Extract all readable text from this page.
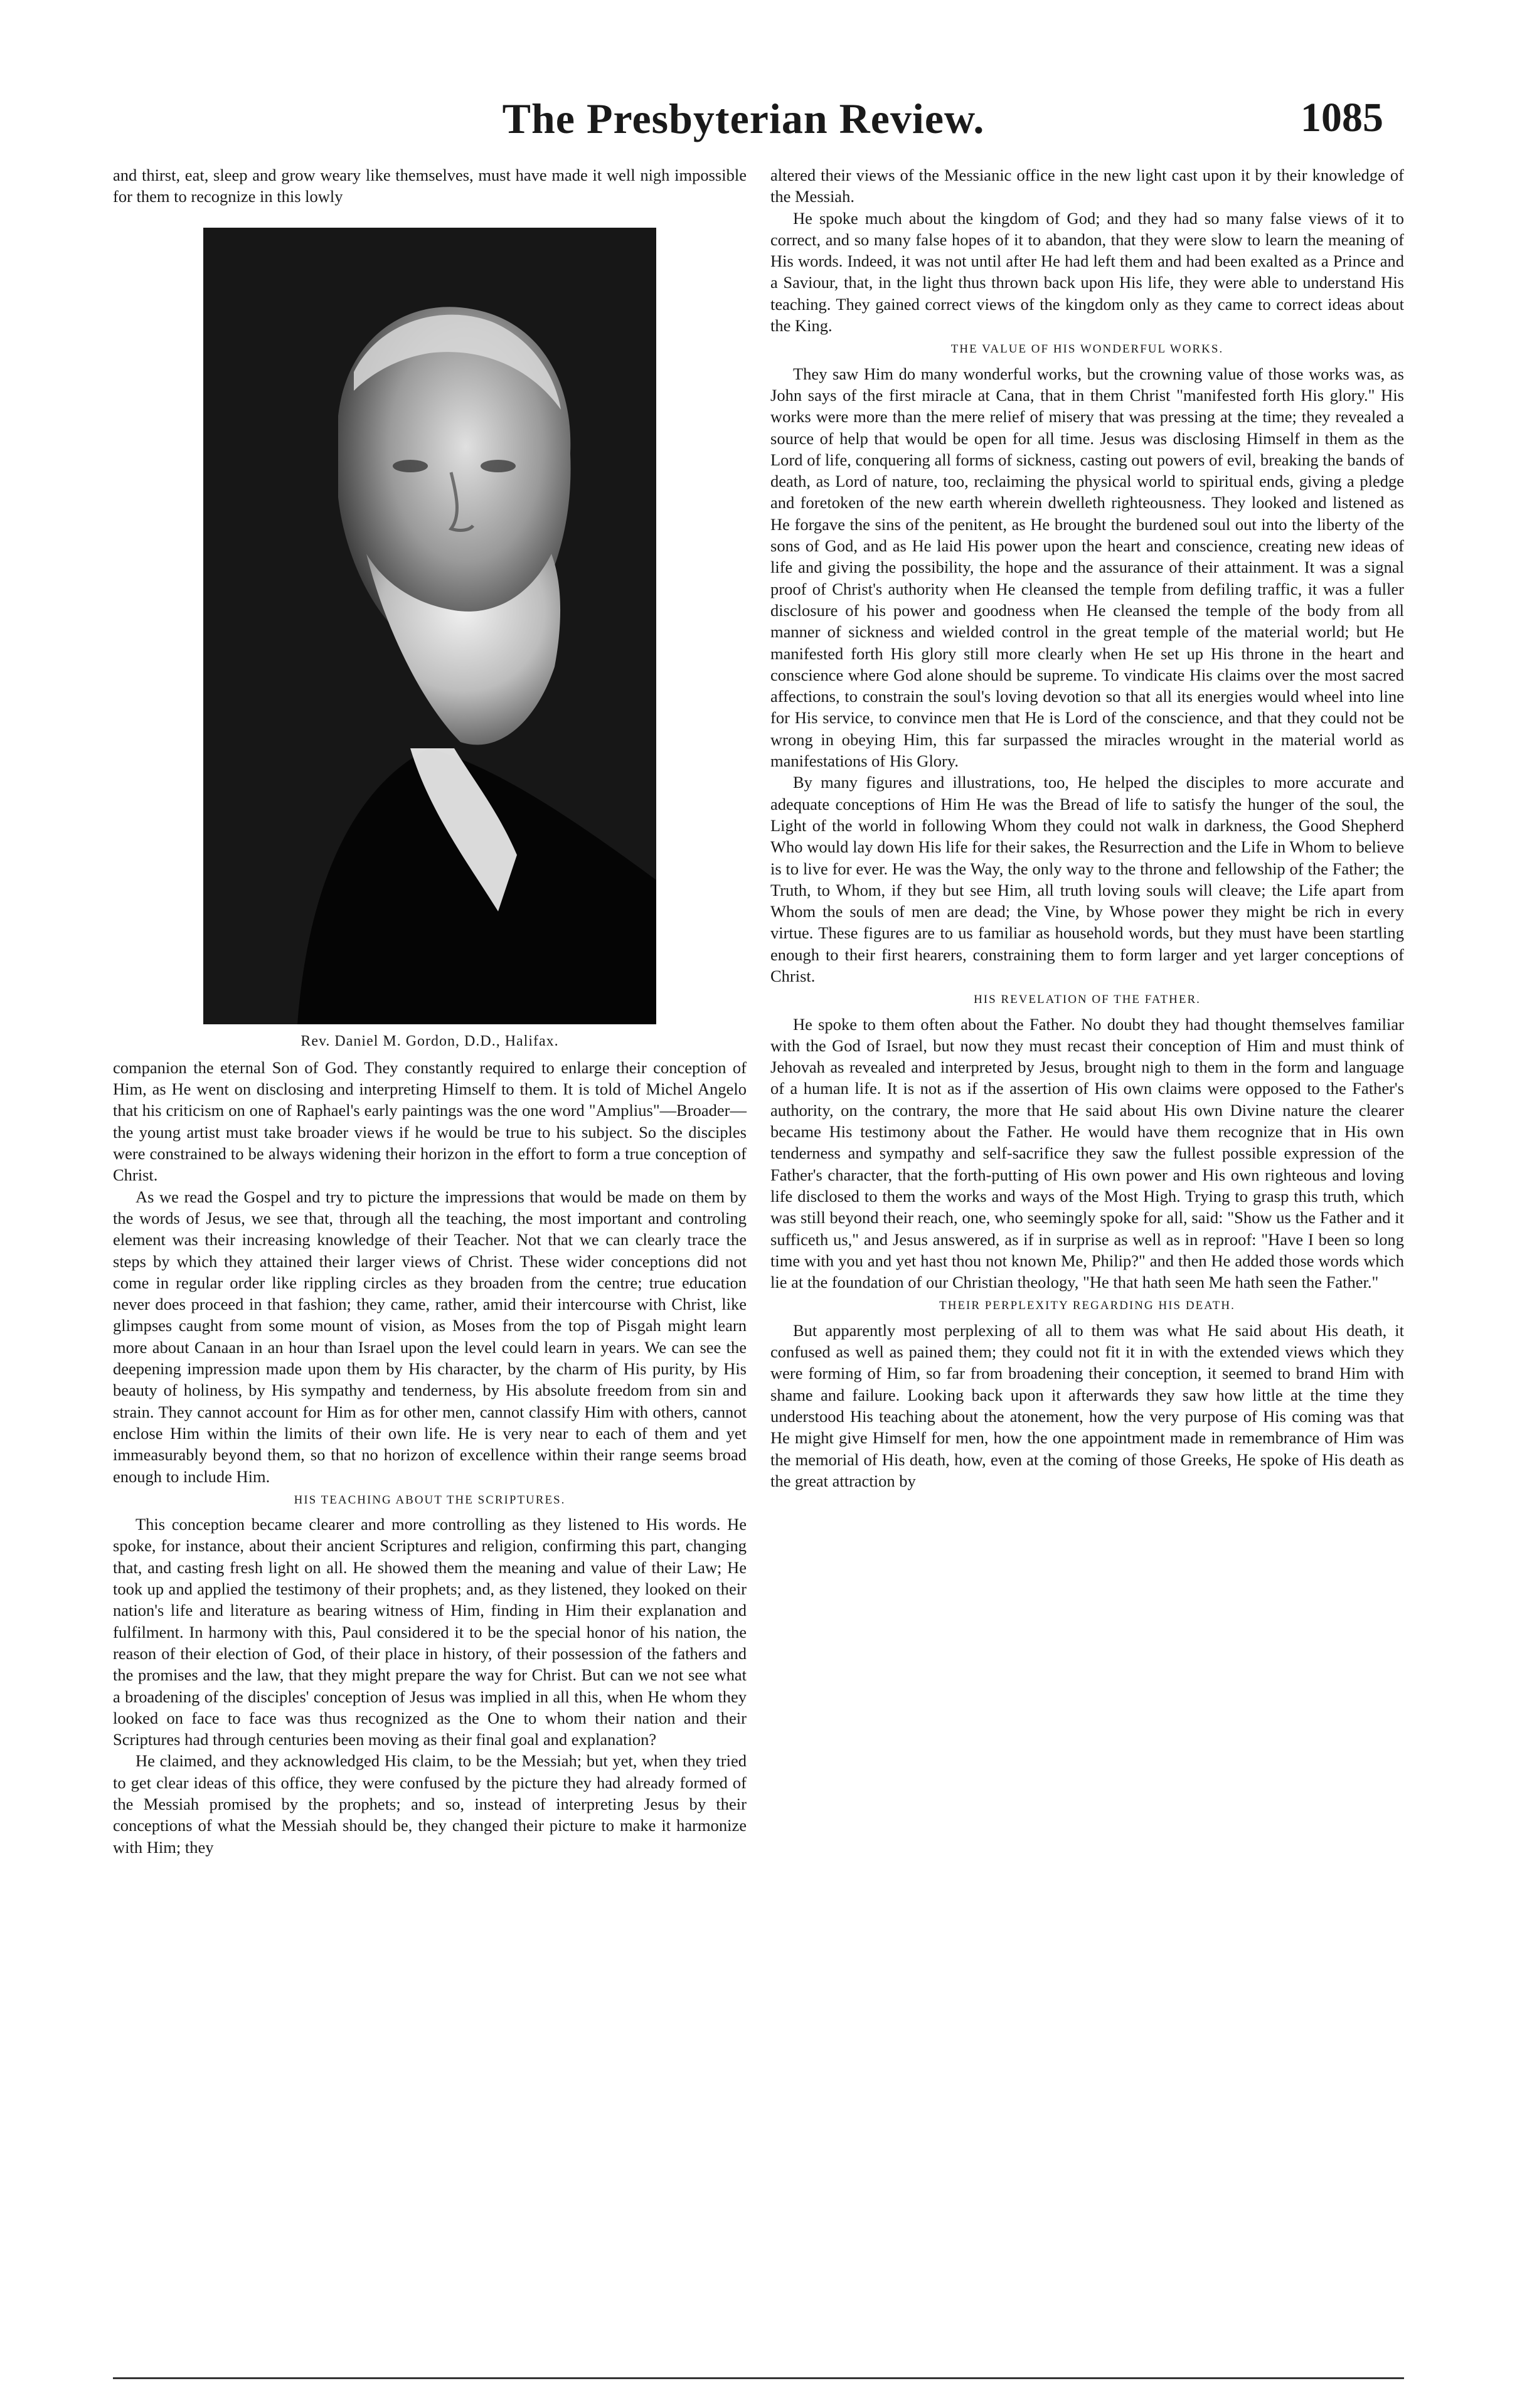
The Presbyterian Review.	1085

and thirst, eat, sleep and grow weary like themselves, must have made it well nigh impossible for them to recognize in this lowly

Rev. Daniel M. Gordon, D.D., Halifax.

companion the eternal Son of God. They constantly required to enlarge their conception of Him, as He went on disclosing and interpreting Himself to them. It is told of Michel Angelo that his criticism on one of Raphael's early paintings was the one word "Amplius"—Broader—the young artist must take broader views if he would be true to his subject. So the disciples were constrained to be always widening their horizon in the effort to form a true conception of Christ.

As we read the Gospel and try to picture the impressions that would be made on them by the words of Jesus, we see that, through all the teaching, the most important and controling element was their increasing knowledge of their Teacher. Not that we can clearly trace the steps by which they attained their larger views of Christ. These wider conceptions did not come in regular order like rippling circles as they broaden from the centre; true education never does proceed in that fashion; they came, rather, amid their intercourse with Christ, like glimpses caught from some mount of vision, as Moses from the top of Pisgah might learn more about Canaan in an hour than Israel upon the level could learn in years. We can see the deepening impression made upon them by His character, by the charm of His purity, by His beauty of holiness, by His sympathy and tenderness, by His absolute freedom from sin and strain. They cannot account for Him as for other men, cannot classify Him with others, cannot enclose Him within the limits of their own life. He is very near to each of them and yet immeasurably beyond them, so that no horizon of excellence within their range seems broad enough to include Him.

HIS TEACHING ABOUT THE SCRIPTURES.

This conception became clearer and more controlling as they listened to His words. He spoke, for instance, about their ancient Scriptures and religion, confirming this part, changing that, and casting fresh light on all. He showed them the meaning and value of their Law; He took up and applied the testimony of their prophets; and, as they listened, they looked on their nation's life and literature as bearing witness of Him, finding in Him their explanation and fulfilment. In harmony with this, Paul considered it to be the special honor of his nation, the reason of their election of God, of their place in history, of their possession of the fathers and the promises and the law, that they might prepare the way for Christ. But can we not see what a broadening of the disciples' conception of Jesus was implied in all this, when He whom they looked on face to face was thus recognized as the One to whom their nation and their Scriptures had through centuries been moving as their final goal and explanation?

He claimed, and they acknowledged His claim, to be the Messiah; but yet, when they tried to get clear ideas of this office, they were confused by the picture they had already formed of the Messiah promised by the prophets; and so, instead of interpreting Jesus by their conceptions of what the Messiah should be, they changed their picture to make it harmonize with Him; they

altered their views of the Messianic office in the new light cast upon it by their knowledge of the Messiah.

He spoke much about the kingdom of God; and they had so many false views of it to correct, and so many false hopes of it to abandon, that they were slow to learn the meaning of His words. Indeed, it was not until after He had left them and had been exalted as a Prince and a Saviour, that, in the light thus thrown back upon His life, they were able to understand His teaching. They gained correct views of the kingdom only as they came to correct ideas about the King.

THE VALUE OF HIS WONDERFUL WORKS.

They saw Him do many wonderful works, but the crowning value of those works was, as John says of the first miracle at Cana, that in them Christ "manifested forth His glory." His works were more than the mere relief of misery that was pressing at the time; they revealed a source of help that would be open for all time. Jesus was disclosing Himself in them as the Lord of life, conquering all forms of sickness, casting out powers of evil, breaking the bands of death, as Lord of nature, too, reclaiming the physical world to spiritual ends, giving a pledge and foretoken of the new earth wherein dwelleth righteousness. They looked and listened as He forgave the sins of the penitent, as He brought the burdened soul out into the liberty of the sons of God, and as He laid His power upon the heart and conscience, creating new ideas of life and giving the possibility, the hope and the assurance of their attainment. It was a signal proof of Christ's authority when He cleansed the temple from defiling traffic, it was a fuller disclosure of his power and goodness when He cleansed the temple of the body from all manner of sickness and wielded control in the great temple of the material world; but He manifested forth His glory still more clearly when He set up His throne in the heart and conscience where God alone should be supreme. To vindicate His claims over the most sacred affections, to constrain the soul's loving devotion so that all its energies would wheel into line for His service, to convince men that He is Lord of the conscience, and that they could not be wrong in obeying Him, this far surpassed the miracles wrought in the material world as manifestations of His Glory.

By many figures and illustrations, too, He helped the disciples to more accurate and adequate conceptions of Him He was the Bread of life to satisfy the hunger of the soul, the Light of the world in following Whom they could not walk in darkness, the Good Shepherd Who would lay down His life for their sakes, the Resurrection and the Life in Whom to believe is to live for ever. He was the Way, the only way to the throne and fellowship of the Father; the Truth, to Whom, if they but see Him, all truth loving souls will cleave; the Life apart from Whom the souls of men are dead; the Vine, by Whose power they might be rich in every virtue. These figures are to us familiar as household words, but they must have been startling enough to their first hearers, constraining them to form larger and yet larger conceptions of Christ.

HIS REVELATION OF THE FATHER.

He spoke to them often about the Father. No doubt they had thought themselves familiar with the God of Israel, but now they must recast their conception of Him and must think of Jehovah as revealed and interpreted by Jesus, brought nigh to them in the form and language of a human life. It is not as if the assertion of His own claims were opposed to the Father's authority, on the contrary, the more that He said about His own Divine nature the clearer became His testimony about the Father. He would have them recognize that in His own tenderness and sympathy and self-sacrifice they saw the fullest possible expression of the Father's character, that the forth-putting of His own power and His own righteous and loving life disclosed to them the works and ways of the Most High. Trying to grasp this truth, which was still beyond their reach, one, who seemingly spoke for all, said: "Show us the Father and it sufficeth us," and Jesus answered, as if in surprise as well as in reproof: "Have I been so long time with you and yet hast thou not known Me, Philip?" and then He added those words which lie at the foundation of our Christian theology, "He that hath seen Me hath seen the Father."

THEIR PERPLEXITY REGARDING HIS DEATH.

But apparently most perplexing of all to them was what He said about His death, it confused as well as pained them; they could not fit it in with the extended views which they were forming of Him, so far from broadening their conception, it seemed to brand Him with shame and failure. Looking back upon it afterwards they saw how little at the time they understood His teaching about the atonement, how the very purpose of His coming was that He might give Himself for men, how the one appointment made in remembrance of Him was the memorial of His death, how, even at the coming of those Greeks, He spoke of His death as the great attraction by
